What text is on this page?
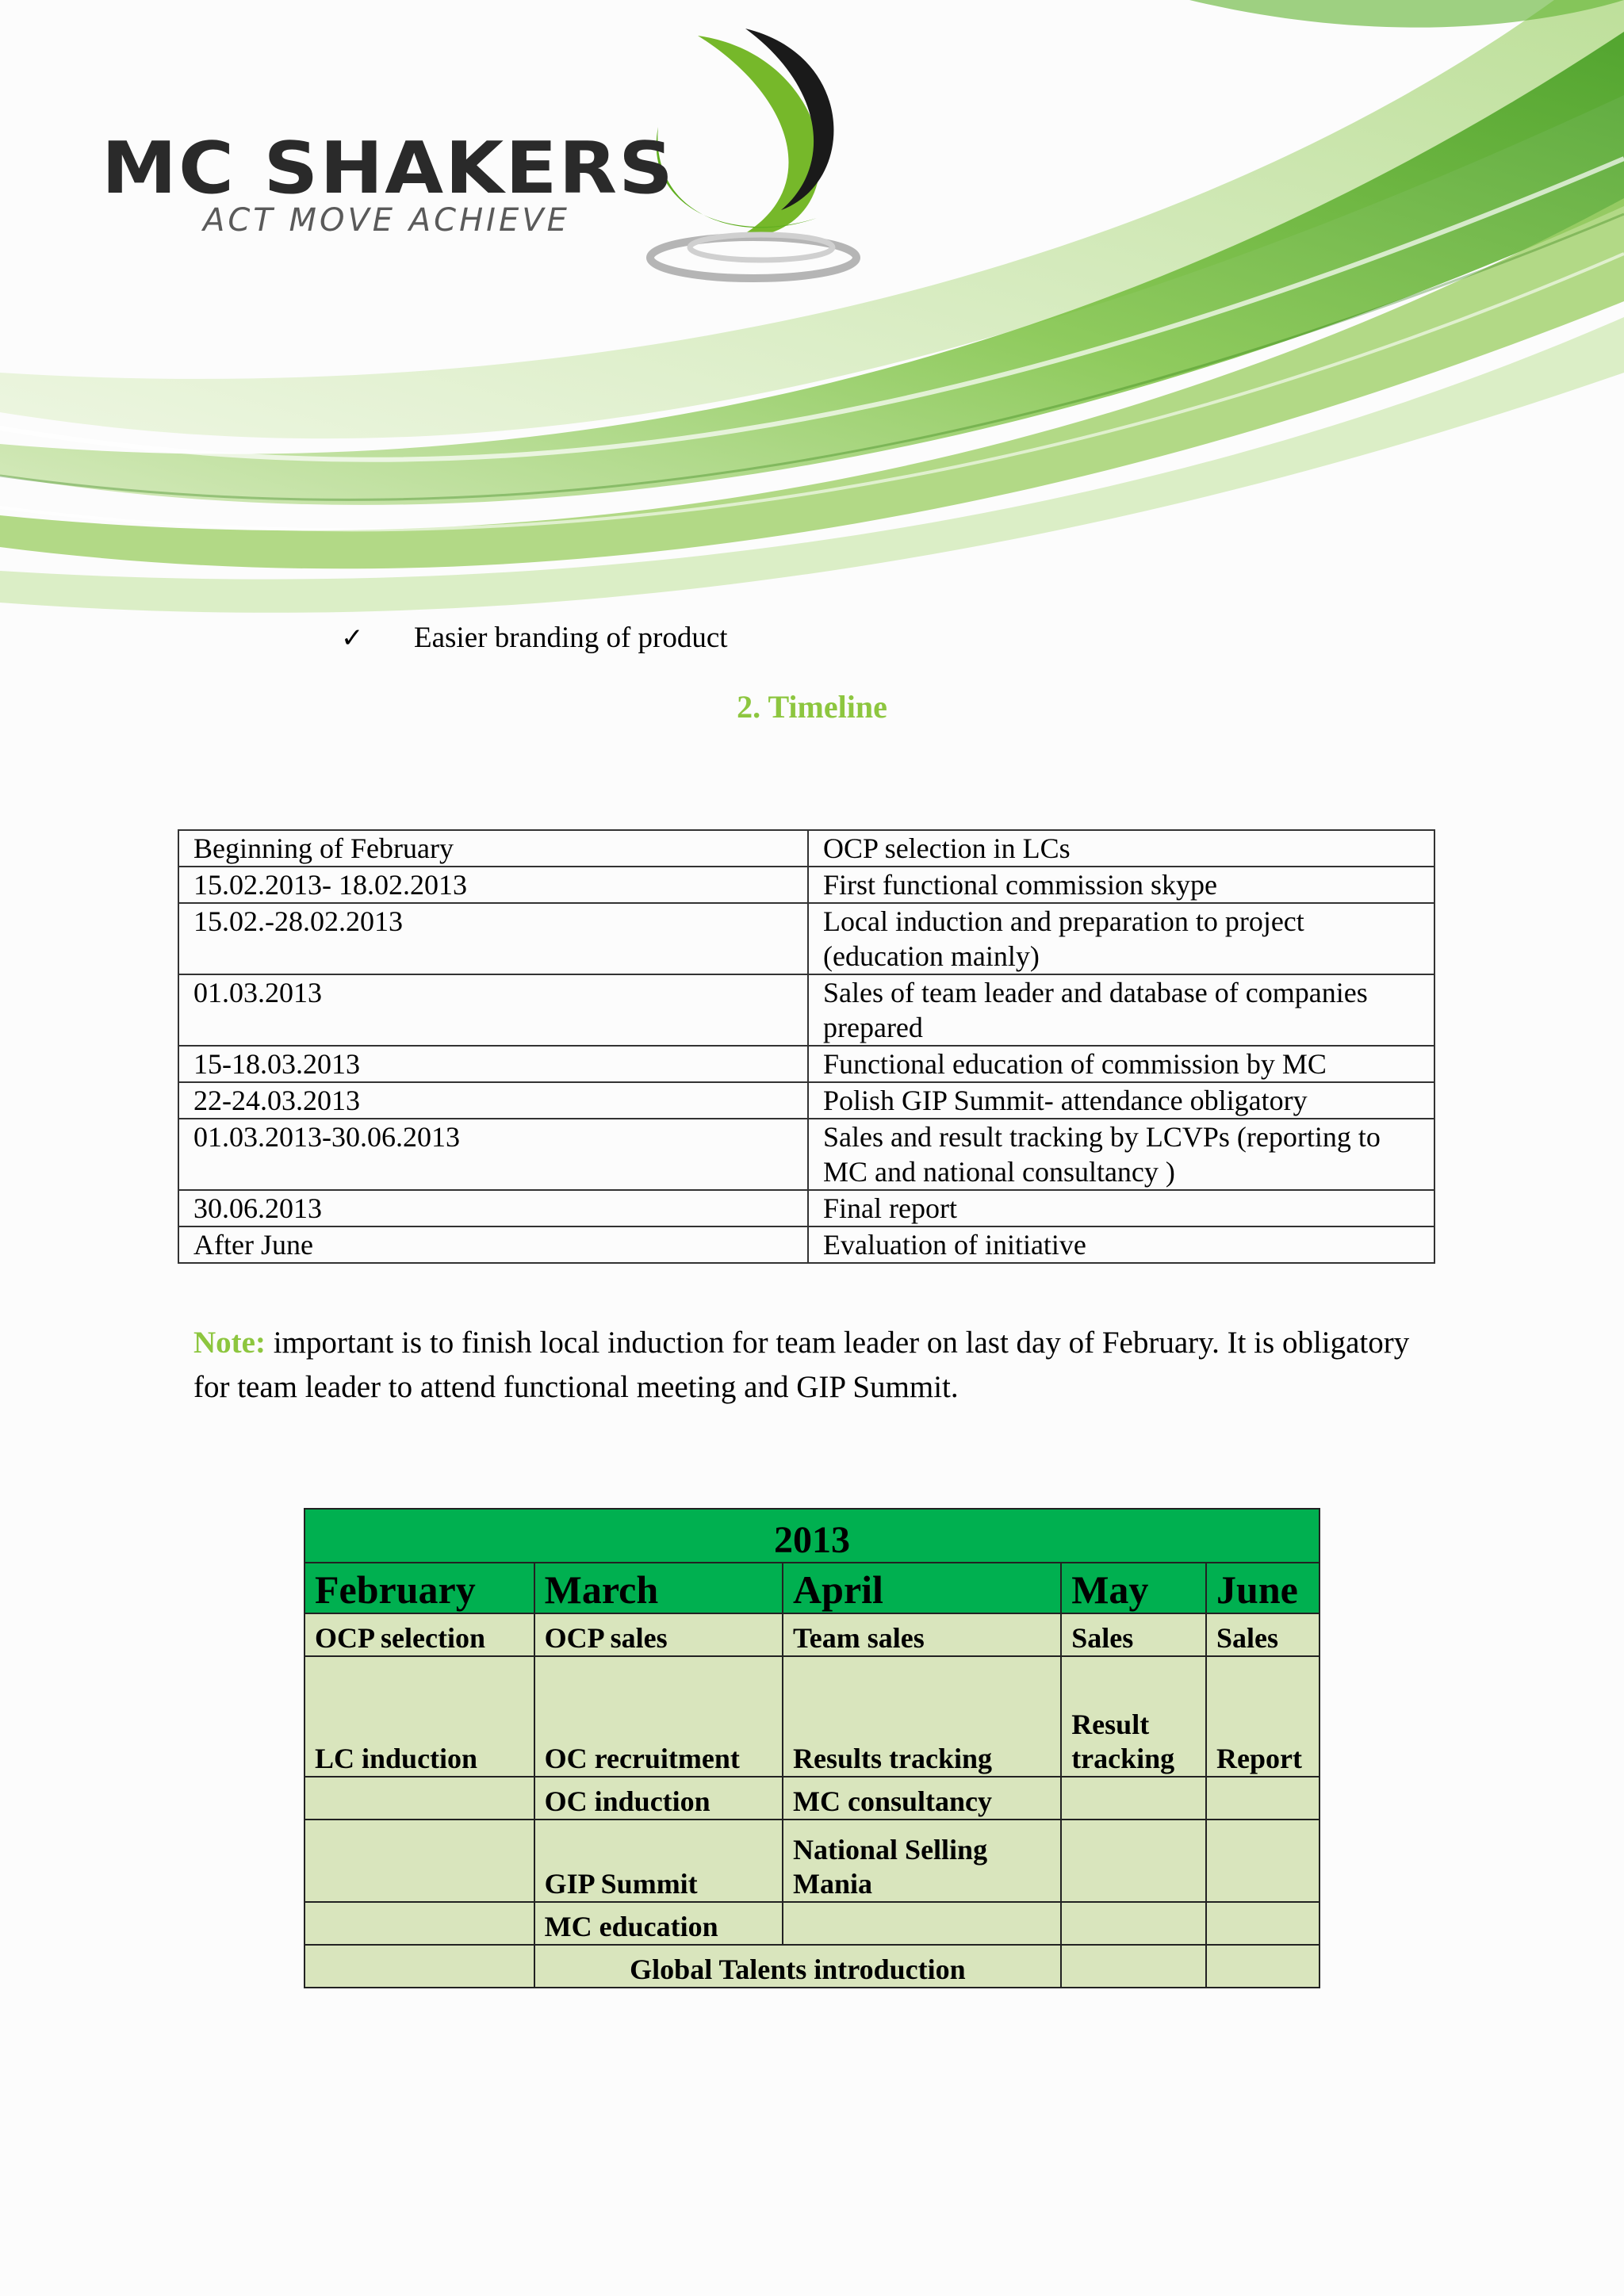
MC SHAKERS
ACT MOVE ACHIEVE
✓	Easier branding of product
2. Timeline
Beginning of February	OCP selection in LCs
15.02.2013- 18.02.2013	First functional commission skype
15.02.-28.02.2013	Local induction and preparation to project (education mainly)
01.03.2013	Sales of team leader and database of companies prepared
15-18.03.2013	Functional education of commission by MC
22-24.03.2013	Polish GIP Summit- attendance obligatory
01.03.2013-30.06.2013	Sales and result tracking by LCVPs (reporting to MC and national consultancy )
30.06.2013	Final report
After June	Evaluation of initiative
Note: important is to finish local induction for team leader on last day of February. It is obligatory for team leader to attend functional meeting and GIP Summit.
2013				
February	March	April	May	June
OCP selection	OCP sales	Team sales	Sales	Sales
LC induction	OC recruitment	Results tracking	Result tracking	Report
	OC induction	MC consultancy		
	GIP Summit	National Selling Mania		
	MC education			
	Global Talents introduction			
